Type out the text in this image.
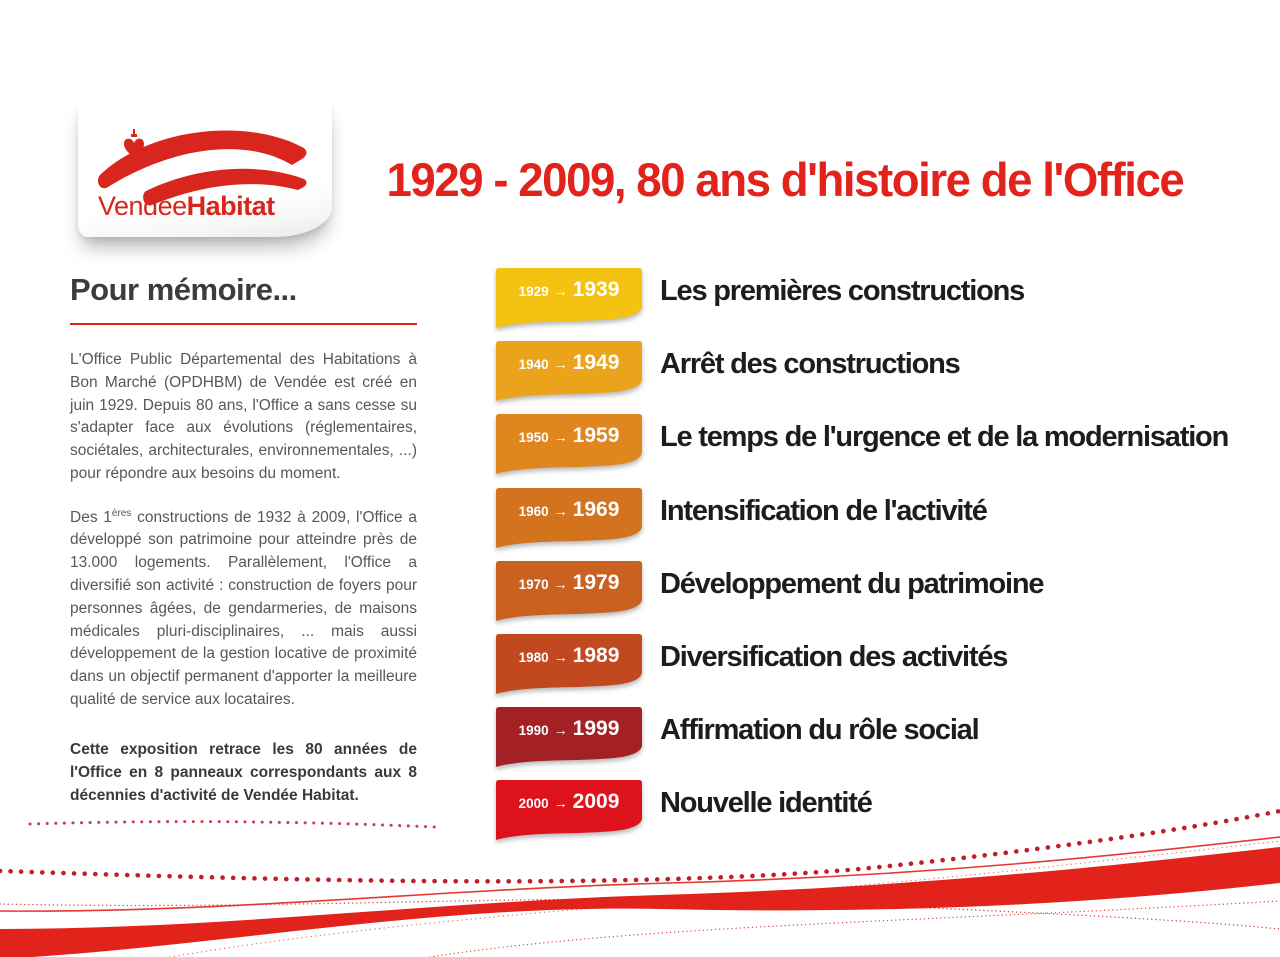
VendéeHabitat	1929 - 2009, 80 ans d'histoire de l'Office
Pour mémoire...

L'Office Public Départemental des Habitations à Bon Marché (OPDHBM) de Vendée est créé en juin 1929. Depuis 80 ans, l'Office a sans cesse su s'adapter face aux évolutions (réglementaires, sociétales, architecturales, environnementales, ...) pour répondre aux besoins du moment.

Des 1ères constructions de 1932 à 2009, l'Office a développé son patrimoine pour atteindre près de 13.000 logements. Parallèlement, l'Office a diversifié son activité : construction de foyers pour personnes âgées, de gendarmeries, de maisons médicales pluri-disciplinaires, ... mais aussi développement de la gestion locative de proximité dans un objectif permanent d'apporter la meilleure qualité de service aux locataires.

Cette exposition retrace les 80 années de l'Office en 8 panneaux correspondants aux 8 décennies d'activité de Vendée Habitat.

1929 → 1939 Les premières constructions
1940 → 1949 Arrêt des constructions
1950 → 1959 Le temps de l'urgence et de la modernisation
1960 → 1969 Intensification de l'activité
1970 → 1979 Développement du patrimoine
1980 → 1989 Diversification des activités
1990 → 1999 Affirmation du rôle social
2000 → 2009 Nouvelle identité
